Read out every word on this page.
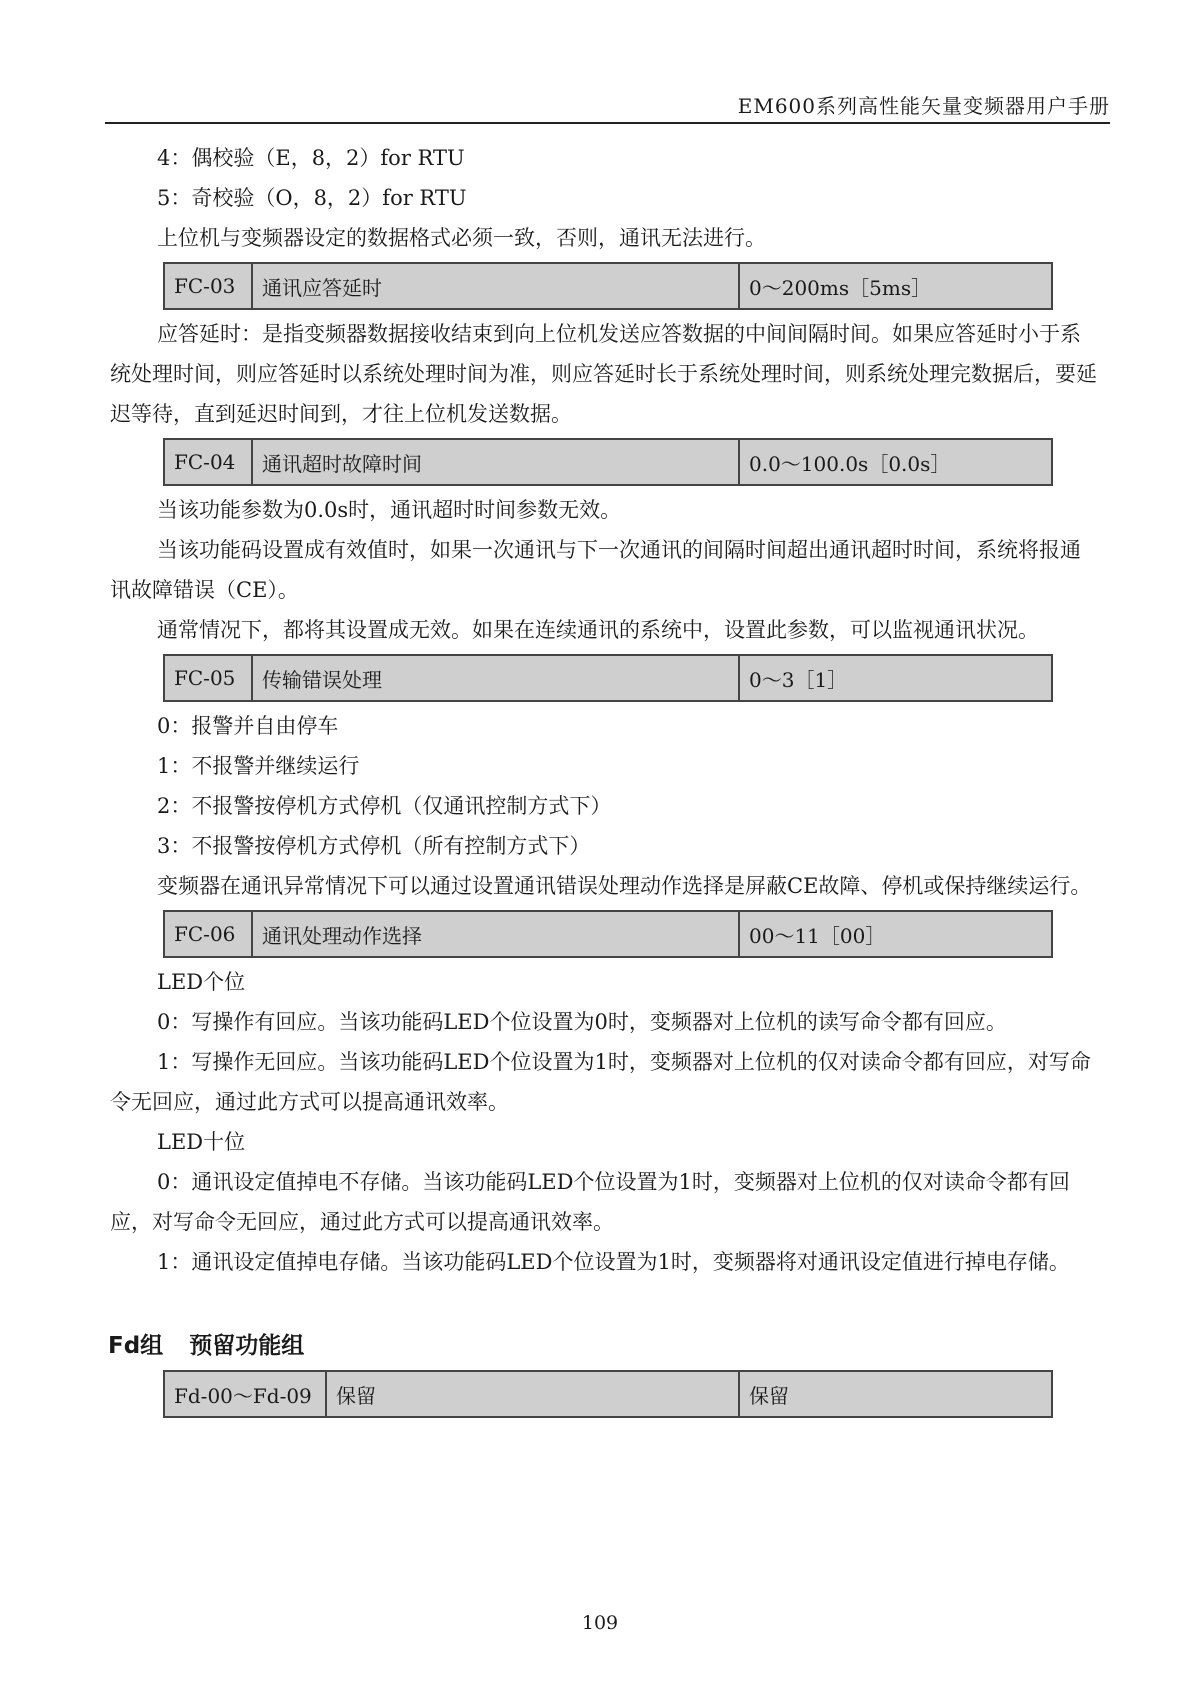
EM600系列高性能矢量变频器用户手册

4：偶校验（E，8，2）for RTU

5：奇校验（O，8，2）for RTU

上位机与变频器设定的数据格式必须一致，否则，通讯无法进行。

FC-03	通讯应答延时	0～200ms［5ms］

应答延时：是指变频器数据接收结束到向上位机发送应答数据的中间间隔时间。如果应答延时小于系统处理时间，则应答延时以系统处理时间为准，则应答延时长于系统处理时间，则系统处理完数据后，要延迟等待，直到延迟时间到，才往上位机发送数据。

FC-04	通讯超时故障时间	0.0～100.0s［0.0s］

当该功能参数为0.0s时，通讯超时时间参数无效。

当该功能码设置成有效值时，如果一次通讯与下一次通讯的间隔时间超出通讯超时时间，系统将报通讯故障错误（CE）。

通常情况下，都将其设置成无效。如果在连续通讯的系统中，设置此参数，可以监视通讯状况。

FC-05	传输错误处理	0～3［1］

0：报警并自由停车

1：不报警并继续运行

2：不报警按停机方式停机（仅通讯控制方式下）

3：不报警按停机方式停机（所有控制方式下）

变频器在通讯异常情况下可以通过设置通讯错误处理动作选择是屏蔽CE故障、停机或保持继续运行。

FC-06	通讯处理动作选择	00～11［00］

LED个位

0：写操作有回应。当该功能码LED个位设置为0时，变频器对上位机的读写命令都有回应。

1：写操作无回应。当该功能码LED个位设置为1时，变频器对上位机的仅对读命令都有回应，对写命令无回应，通过此方式可以提高通讯效率。

LED十位

0：通讯设定值掉电不存储。当该功能码LED个位设置为1时，变频器对上位机的仅对读命令都有回应，对写命令无回应，通过此方式可以提高通讯效率。

1：通讯设定值掉电存储。当该功能码LED个位设置为1时，变频器将对通讯设定值进行掉电存储。

Fd组 预留功能组
Fd-00～Fd-09	保留	保留
109
